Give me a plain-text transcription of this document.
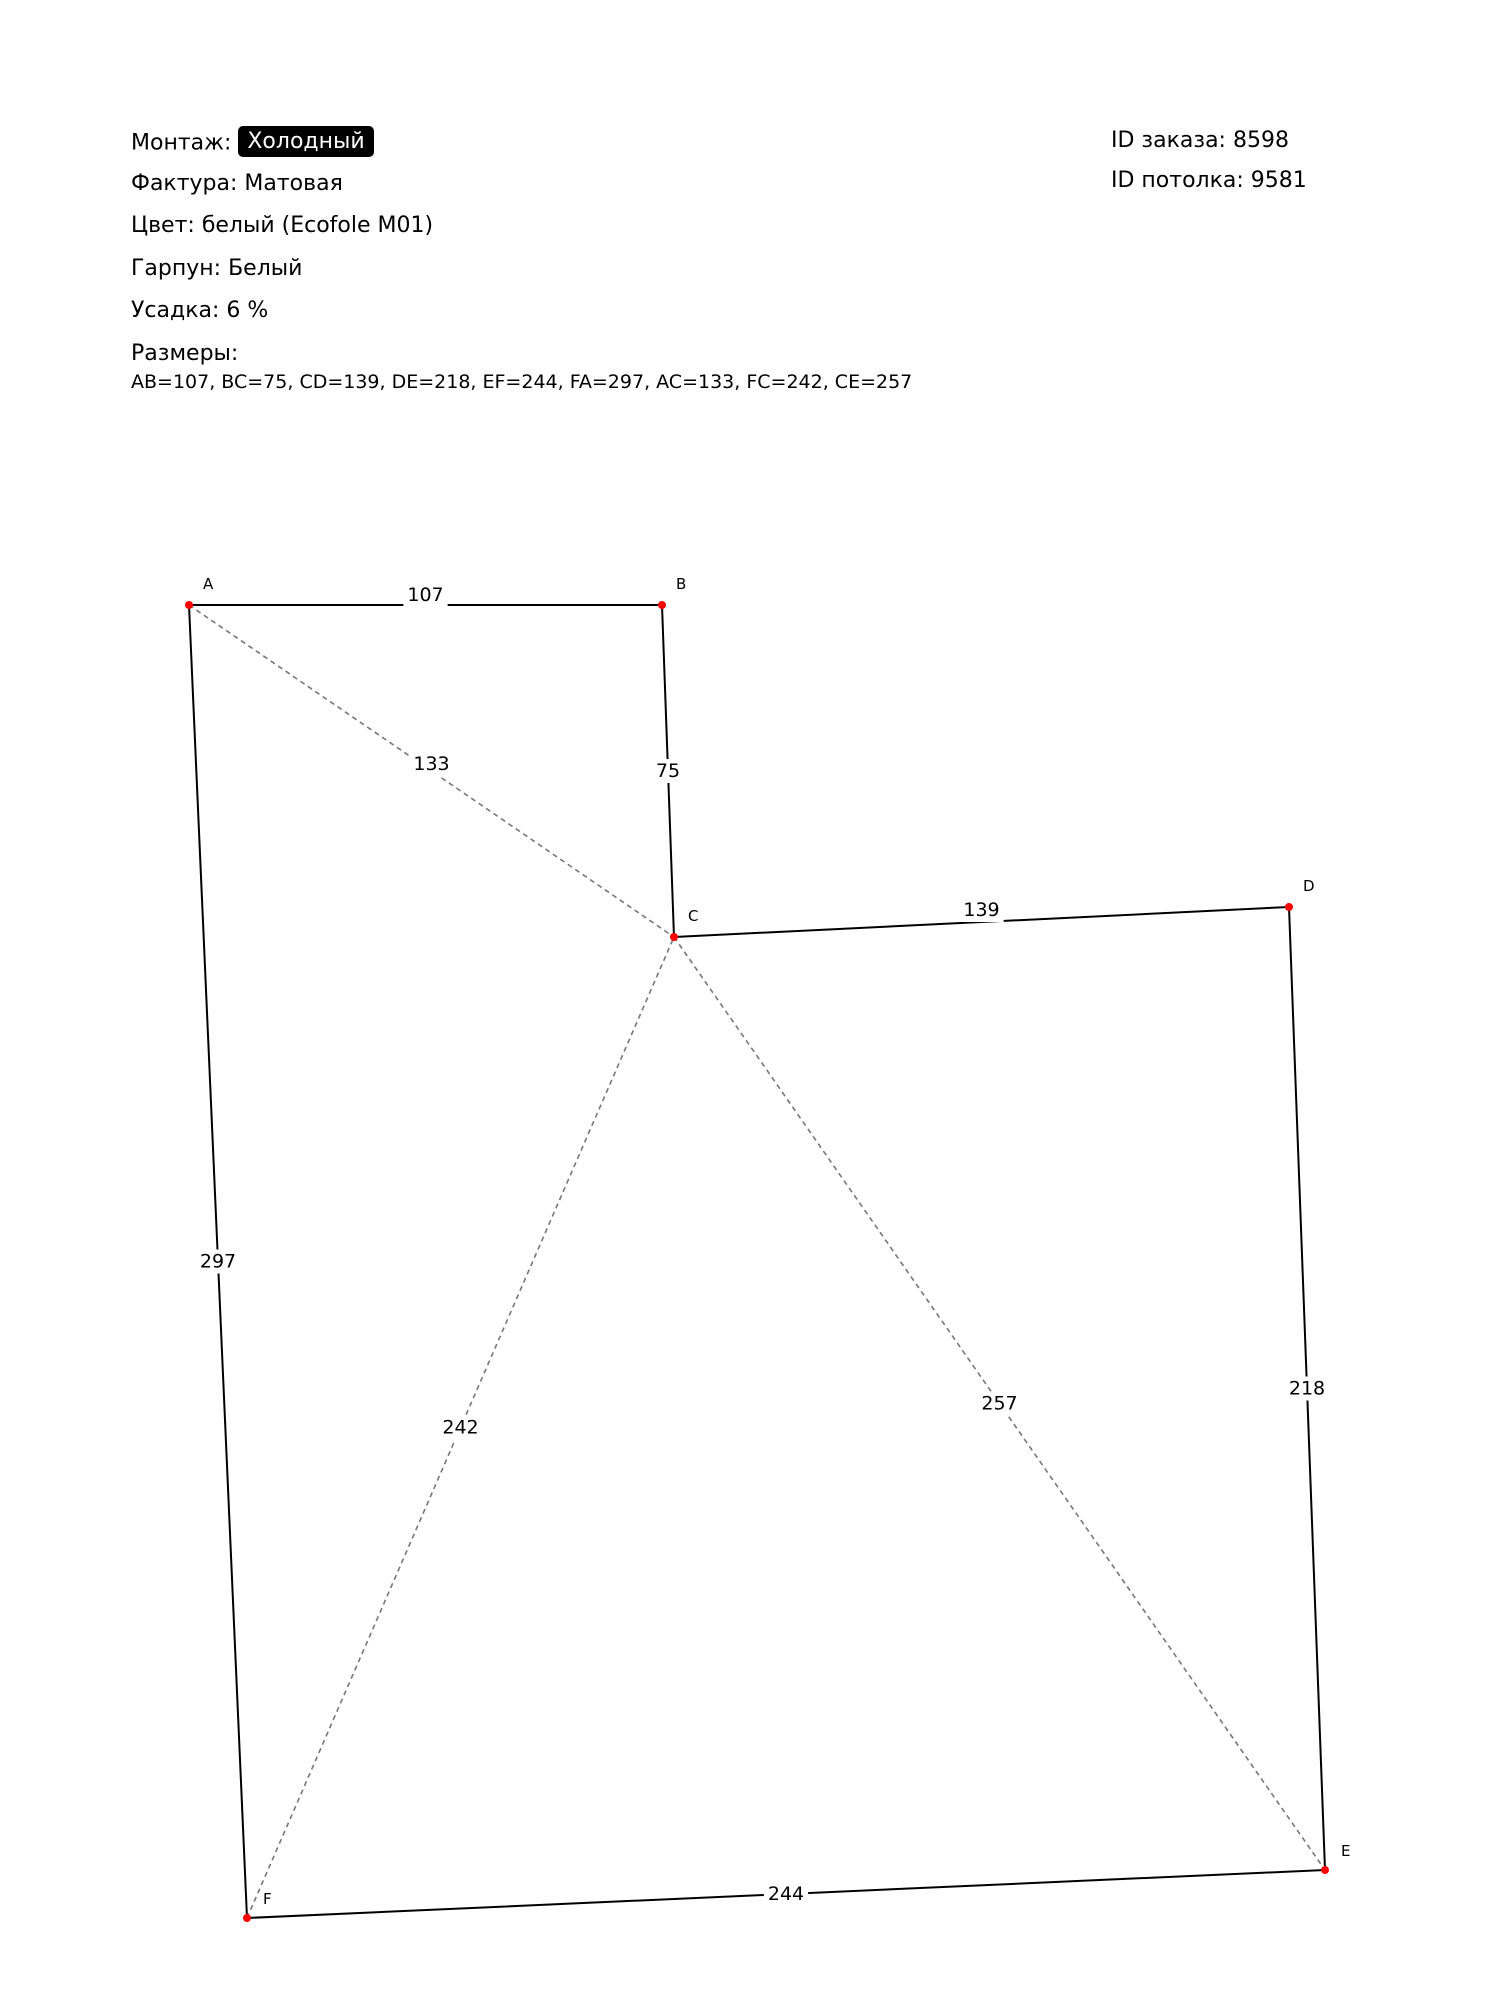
Монтаж: Холодный
Фактура: Матовая
Цвет: белый (Ecofole M01)
Гарпун: Белый
Усадка: 6 %
Размеры:
AB=107, BC=75, CD=139, DE=218, EF=244, FA=297, AC=133, FC=242, CE=257
ID заказа: 8598
ID потолка: 9581
107
75
139
218
244
297
133
242
257
A	B
C
D
E
F
